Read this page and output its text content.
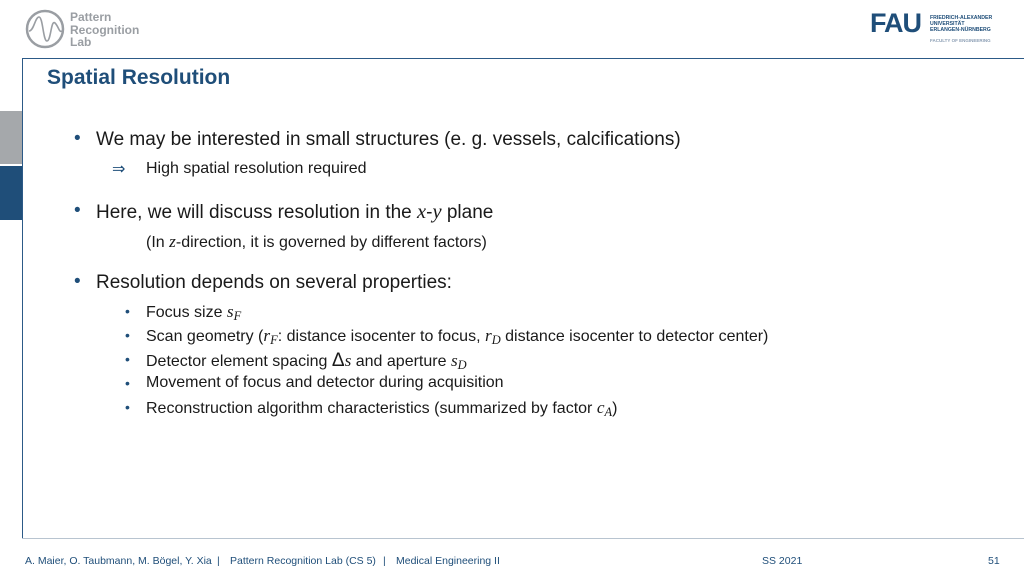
Pattern
Recognition
Lab
FAU FRIEDRICH-ALEXANDER
UNIVERSITÄT
ERLANGEN-NÜRNBERG
FACULTY OF ENGINEERING
Spatial Resolution
• We may be interested in small structures (e. g. vessels, calcifications)
⇒ High spatial resolution required
• Here, we will discuss resolution in the x-y plane
(In z-direction, it is governed by different factors)
• Resolution depends on several properties:
• Focus size $s_F$
• Scan geometry ($r_F$: distance isocenter to focus, $r_D$ distance isocenter to detector center)
• Detector element spacing Δs and aperture $s_D$
• Movement of focus and detector during acquisition
• Reconstruction algorithm characteristics (summarized by factor $c_A$)
A. Maier, O. Taubmann, M. Bögel, Y. Xia | Pattern Recognition Lab (CS 5) | Medical Engineering II	SS 2021	51
